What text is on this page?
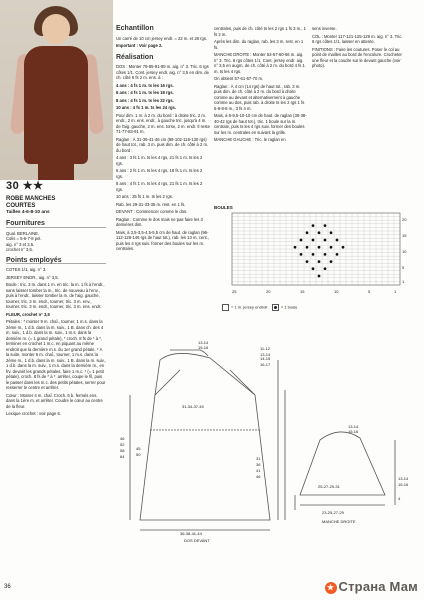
30 ★★
ROBE MANCHES
COURTES
Tailles 4-6-8-10 ans
Fournitures
Qual. BERLAINE.
Colis = 5-6-7-8 pel.
aig. n° 3 et 3,5.
crochet n° 3,5.
Points employés
COTES 1/1, aig. n° 3.
JERSEY ENDR., aig. n° 3,5.
Boule : tric. 3 m. dans 1 m. en tric. la m. 1 fs à l'endr., sans laisser tomber la m., tric. de nouveau à l'env., puis à l'endr., laisser tomber la m. de l'aig. gauche, tourner, tric. 3 m. endr., tourner, tric. 3 m. env., tourner, tric. 3 m. endr., tourner, tric. 3 m. ens. endr.
FLEUR, crochet n° 3,5
Pétales : * monter 9 m. chaî., tourner, 1 m.s. dans la 2ème m., 1 d.b. dans la m. suiv., 1 B. dans ch. des 4 m. suiv., 1 d.b. dans la m. suiv., 1 m.s. dans la dernière m. (= 1 grand pétale), * croch. 8 fs de * à *, terminer en crochet 1 m.c. en piquant au même endroit que la dernière m.s. du 1er grand pétale. * À la suite, monter 6 m. chaî., tourner, 1 m.s. dans la 2ème m., 1 d.b. dans la m. suiv., 1 B. dans la m. suiv., 1 d.b. dans la m. suiv., 1 m.s. dans la dernière m., en frv. devant les grands pétales, faire 1 m.c. * (= 1 petit pétale), croch. 8 fs de * à *, arrêter, coupe le fil, puis le passer dans les m.c. des petits pétales, serrer pour resserrer le centre et arrêter.
Cœur : Monter 4 m. chaî. Croch. 6 b. fermés ens. dans la 1ère m. et arrêter. Coudre le cœur au centre de la fleur.
Lexique crochet : voir page 6.
Echantillon
Un carré de 10 cm jersey endr. = 22 m. et 28 rgs.
Important : Voir page 2.
Réalisation
DOS : Monter 79-85-91-99 m. aig. n° 3. Tric. 6 rgs côtes 1/1. Cont. jersey endr. aig. n° 3,5 en dim. de ch. côté 6 fs 2 m. ens. à :
4 ans : 4 fs 1 m. ts les 16 rgs.
6 ans : 4 fs 1 m. ts les 18 rgs.
8 ans : 4 fs 1 m. ts les 22 rgs.
10 ans : 4 fs 1 m. ts les 24 rgs.
Pour dim. 1 m. à 2 m. du bord : à droite tric. 2 m. endr., 2 m. ens. endr., à gauche tric. jusqu'à 4 m. de l'aig. gauche, 2 m. ens. torse, 2 m. endr. Il reste 71-77-83-91 m.
Raglan : À 31-36-41-46 cm (86-102-116-130 rgs) de haut tot., rab. 3 m. puis dim. de ch. côté à 2 m. du bord :
4 ans : 3 fs 1 m. ts les 4 rgs, 21 fs 1 m. ts les 2 rgs.
6 ans : 2 fs 1 m. ts les 4 rgs, 18 fs 1 m. ts les 2 rgs.
8 ans : 4 fs 1 m. ts les 4 rgs, 21 fs 1 m. ts les 2 rgs.
10 ans : 25 fs 1 m. ts les 2 rgs.
Rab. les 29-31-33-35 m. rest. en 1 fs.
DEVANT : Commencer comme le dos.
Raglan : Comme le dos mais ne pas faire les 3 dernières dim.
Mais, à 3,5-3,5-4,5-5,5 cm de haut. de raglan (96-112-128-146 rgs de haut tot.), rab. les 13 m. cent., puis les 4 rgs suiv. former des boules sur les m. centrales.
centrales, puis de ch. côté ts les 2 rgs 1 fs 3 m., 1 fs 2 m.
Après les dim. du raglan, rab. les 3 m. rest. en 1 fs.
MANCHE DROITE : Monter 53-57-60-66 m. aig. n° 3. Tric. 6 rgs côtes 1/1. Cont. jersey endr. aig. n° 3,5 en augm. de ch. côté à 2 m. du bord 4 fs 1 m. ts les 4 rgs.
On obtient 57-61-67-70 m.
Raglan : À 4 cm (14 rgs) de haut tot., rab. 3 m. puis dim. de ch. côté à 2 m. du bord à droite comme au devant et alternativement à gauche comme au dos, puis rab. à droite ts les 2 rgs 1 fs 6-8-8-8 m., 3 fs 4 m.
Mais, à 8-9,5-10-10 cm de haut. de raglan (36-38-40-42 rgs de haut tot.), tric. 1 boule sur la m. centrale, puis ts les 4 rgs suiv. former des boules sur les m. centrales en suivant la grille.
MANCHE GAUCHE : Tric. le raglan en
sens inverse.
COL : Monter 117-121-125-129 m. aig. n° 3. Tric. 6 rgs côtes 1/1, laisser en attente.
FINITIONS : Faire les coutures. Poser le col au point de mailles au bord de l'encolure. Crocheter une fleur et la coudre sur le devant gauche (voir photo).
BOULES
25	20	15	10	5	1
20
15
10
5
1
= 1 m. jersey endroit	= 1 boule
13-14
15-16
31-34-37-40
11-12
13-14
14-15
16-17
31
36
41
46
46
52
58
64
45
50
36-38-41-44
DOS DEVANT
13-14
15-16
25-27-29-31
23-25-27-29
13-14
15-16
4
MANCHE DROITE
36	★ Страна Мам
